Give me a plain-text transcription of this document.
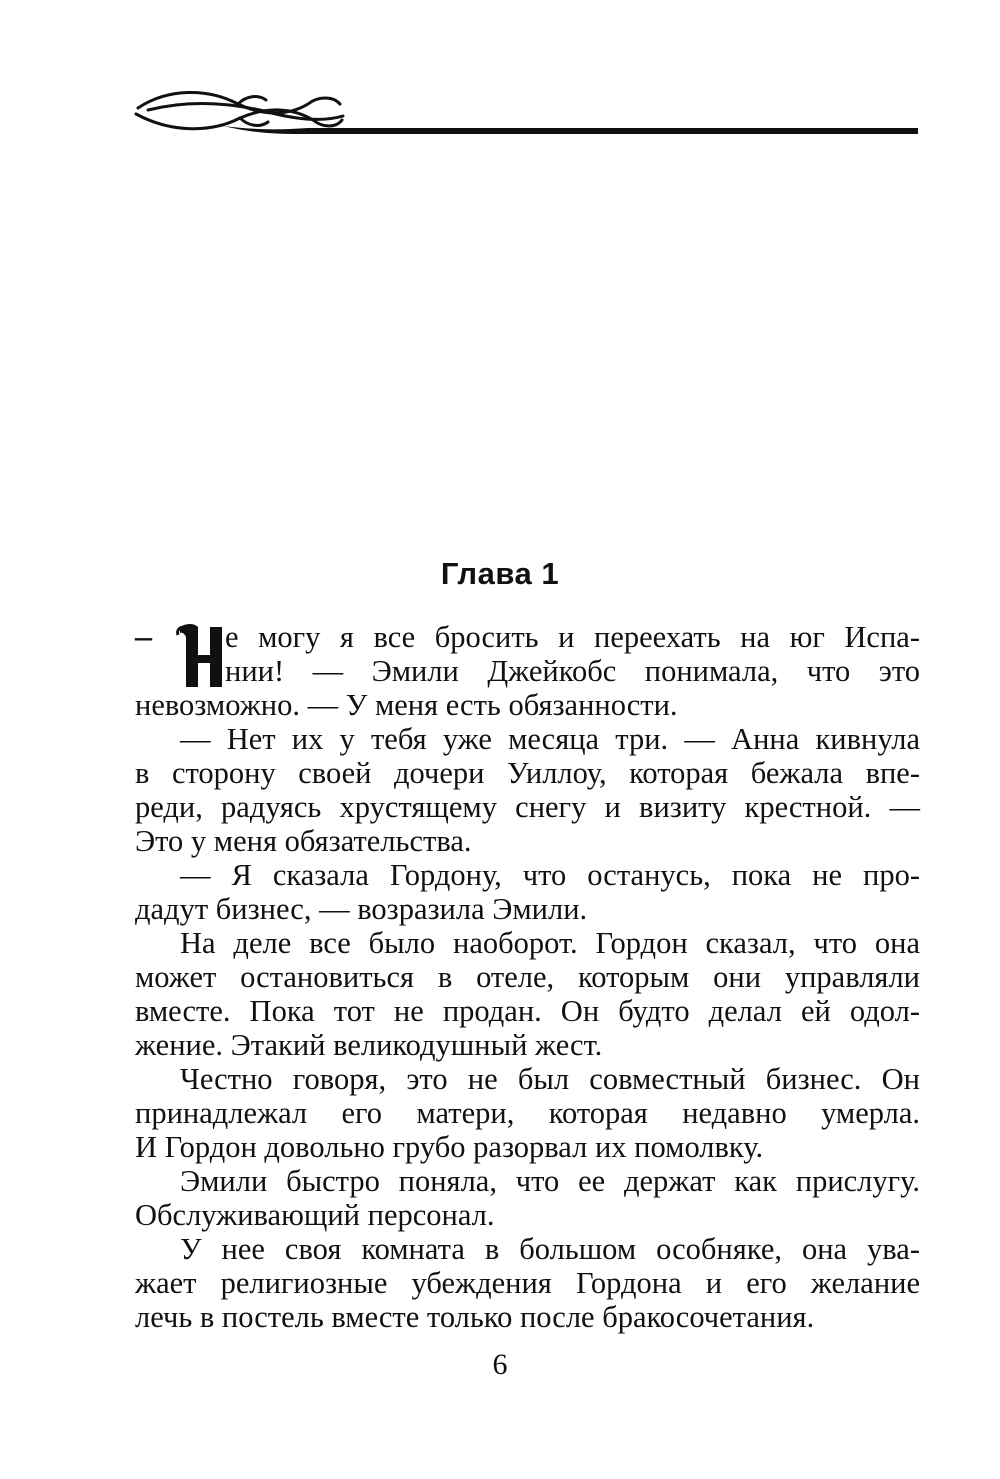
Глава 1
–	е могу я все бросить и переехать на юг Испа-
нии! — Эмили Джейкобс понимала, что это
невозможно. — У меня есть обязанности.
— Нет их у тебя уже месяца три. — Анна кивнула
в сторону своей дочери Уиллоу, которая бежала впе-
реди, радуясь хрустящему снегу и визиту крестной. —
Это у меня обязательства.
— Я сказала Гордону, что останусь, пока не про-
дадут бизнес, — возразила Эмили.
На деле все было наоборот. Гордон сказал, что она
может остановиться в отеле, которым они управляли
вместе. Пока тот не продан. Он будто делал ей одол-
жение. Этакий великодушный жест.
Честно говоря, это не был совместный бизнес. Он
принадлежал его матери, которая недавно умерла.
И Гордон довольно грубо разорвал их помолвку.
Эмили быстро поняла, что ее держат как прислугу.
Обслуживающий персонал.
У нее своя комната в большом особняке, она ува-
жает религиозные убеждения Гордона и его желание
лечь в постель вместе только после бракосочетания.
6
